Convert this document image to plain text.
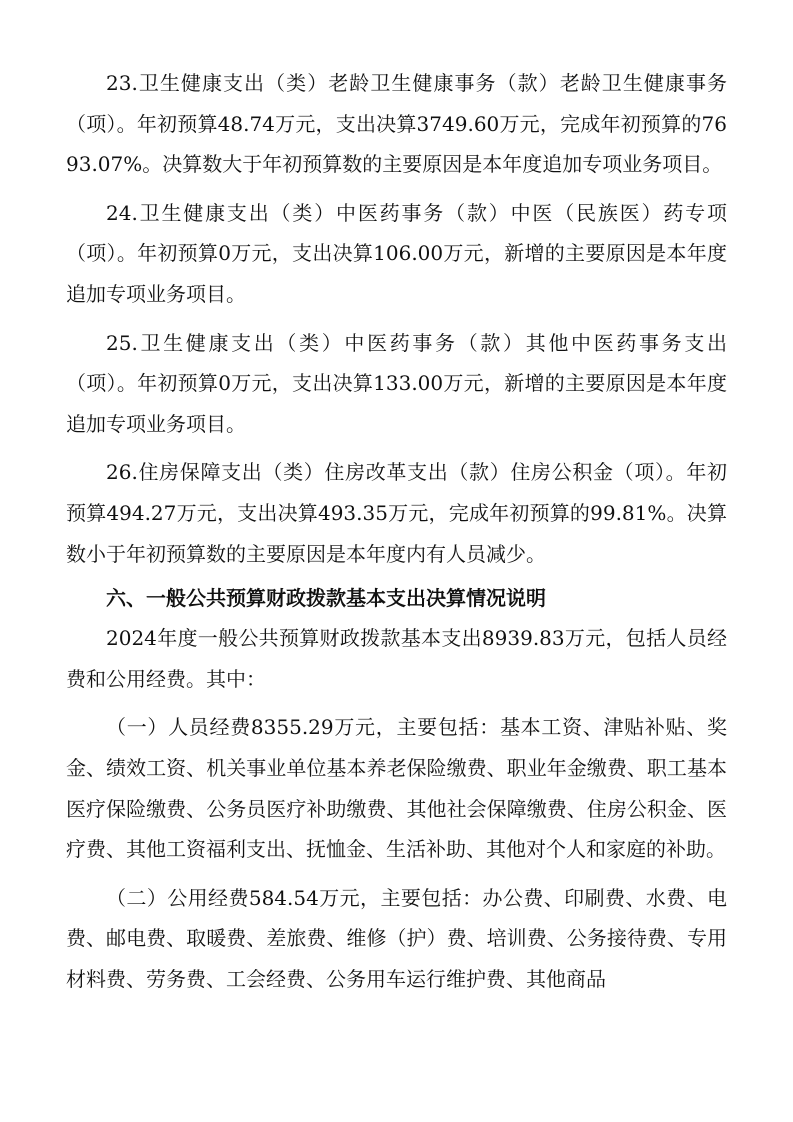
23.卫生健康支出（类）老龄卫生健康事务（款）老龄卫生健康事务（项）。年初预算48.74万元，支出决算3749.60万元，完成年初预算的7693.07%。决算数大于年初预算数的主要原因是本年度追加专项业务项目。

24.卫生健康支出（类）中医药事务（款）中医（民族医）药专项（项）。年初预算0万元，支出决算106.00万元，新增的主要原因是本年度追加专项业务项目。

25.卫生健康支出（类）中医药事务（款）其他中医药事务支出（项）。年初预算0万元，支出决算133.00万元，新增的主要原因是本年度追加专项业务项目。

26.住房保障支出（类）住房改革支出（款）住房公积金（项）。年初预算494.27万元，支出决算493.35万元，完成年初预算的99.81%。决算数小于年初预算数的主要原因是本年度内有人员减少。

六、一般公共预算财政拨款基本支出决算情况说明

2024年度一般公共预算财政拨款基本支出8939.83万元，包括人员经费和公用经费。其中：

（一）人员经费8355.29万元，主要包括：基本工资、津贴补贴、奖金、绩效工资、机关事业单位基本养老保险缴费、职业年金缴费、职工基本医疗保险缴费、公务员医疗补助缴费、其他社会保障缴费、住房公积金、医疗费、其他工资福利支出、抚恤金、生活补助、其他对个人和家庭的补助。

（二）公用经费584.54万元，主要包括：办公费、印刷费、水费、电费、邮电费、取暖费、差旅费、维修（护）费、培训费、公务接待费、专用材料费、劳务费、工会经费、公务用车运行维护费、其他商品
